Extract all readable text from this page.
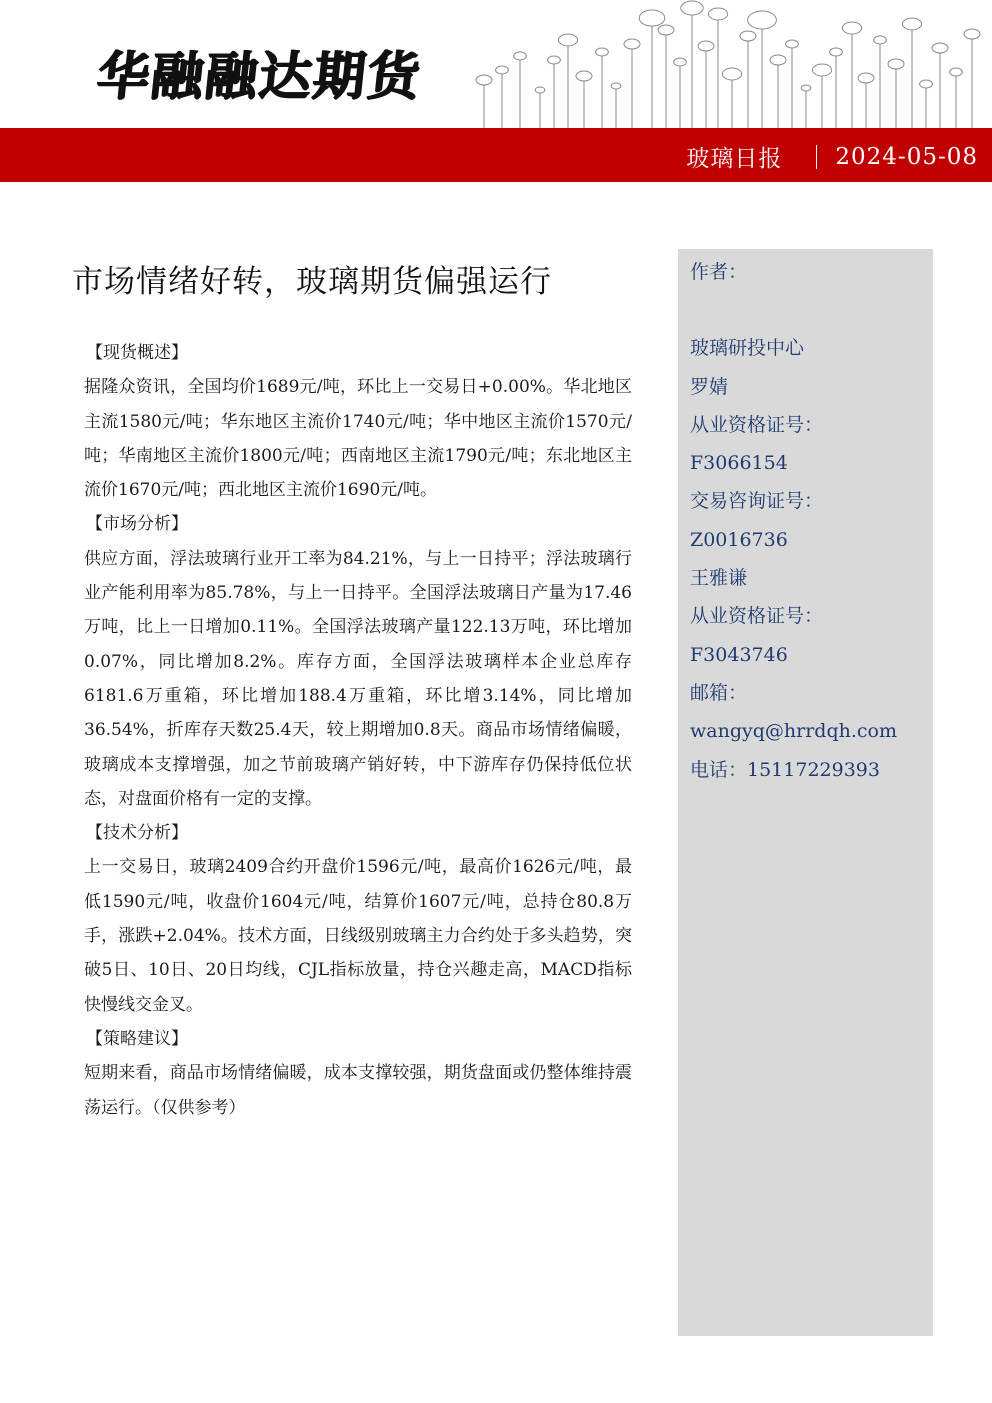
华融融达期货
玻璃日报 2024-05-08
市场情绪好转，玻璃期货偏强运行
【现货概述】

据隆众资讯，全国均价1689元/吨，环比上一交易日+0.00%。华北地区主流1580元/吨；华东地区主流价1740元/吨；华中地区主流价1570元/吨；华南地区主流价1800元/吨；西南地区主流1790元/吨；东北地区主流价1670元/吨；西北地区主流价1690元/吨。

【市场分析】

供应方面，浮法玻璃行业开工率为84.21%，与上一日持平；浮法玻璃行业产能利用率为85.78%，与上一日持平。全国浮法玻璃日产量为17.46万吨，比上一日增加0.11%。全国浮法玻璃产量122.13万吨，环比增加0.07%，同比增加8.2%。库存方面，全国浮法玻璃样本企业总库存6181.6万重箱，环比增加188.4万重箱，环比增3.14%，同比增加36.54%，折库存天数25.4天，较上期增加0.8天。商品市场情绪偏暖，玻璃成本支撑增强，加之节前玻璃产销好转，中下游库存仍保持低位状态，对盘面价格有一定的支撑。

【技术分析】

上一交易日，玻璃2409合约开盘价1596元/吨，最高价1626元/吨，最低1590元/吨，收盘价1604元/吨，结算价1607元/吨，总持仓80.8万手，涨跌+2.04%。技术方面，日线级别玻璃主力合约处于多头趋势，突破5日、10日、20日均线，CJL指标放量，持仓兴趣走高，MACD指标快慢线交金叉。

【策略建议】

短期来看，商品市场情绪偏暖，成本支撑较强，期货盘面或仍整体维持震荡运行。（仅供参考）

作者：
玻璃研投中心
罗婧
从业资格证号：
F3066154
交易咨询证号：
Z0016736
王雅谦
从业资格证号：
F3043746
邮箱：
wangyq@hrrdqh.com
电话：15117229393
